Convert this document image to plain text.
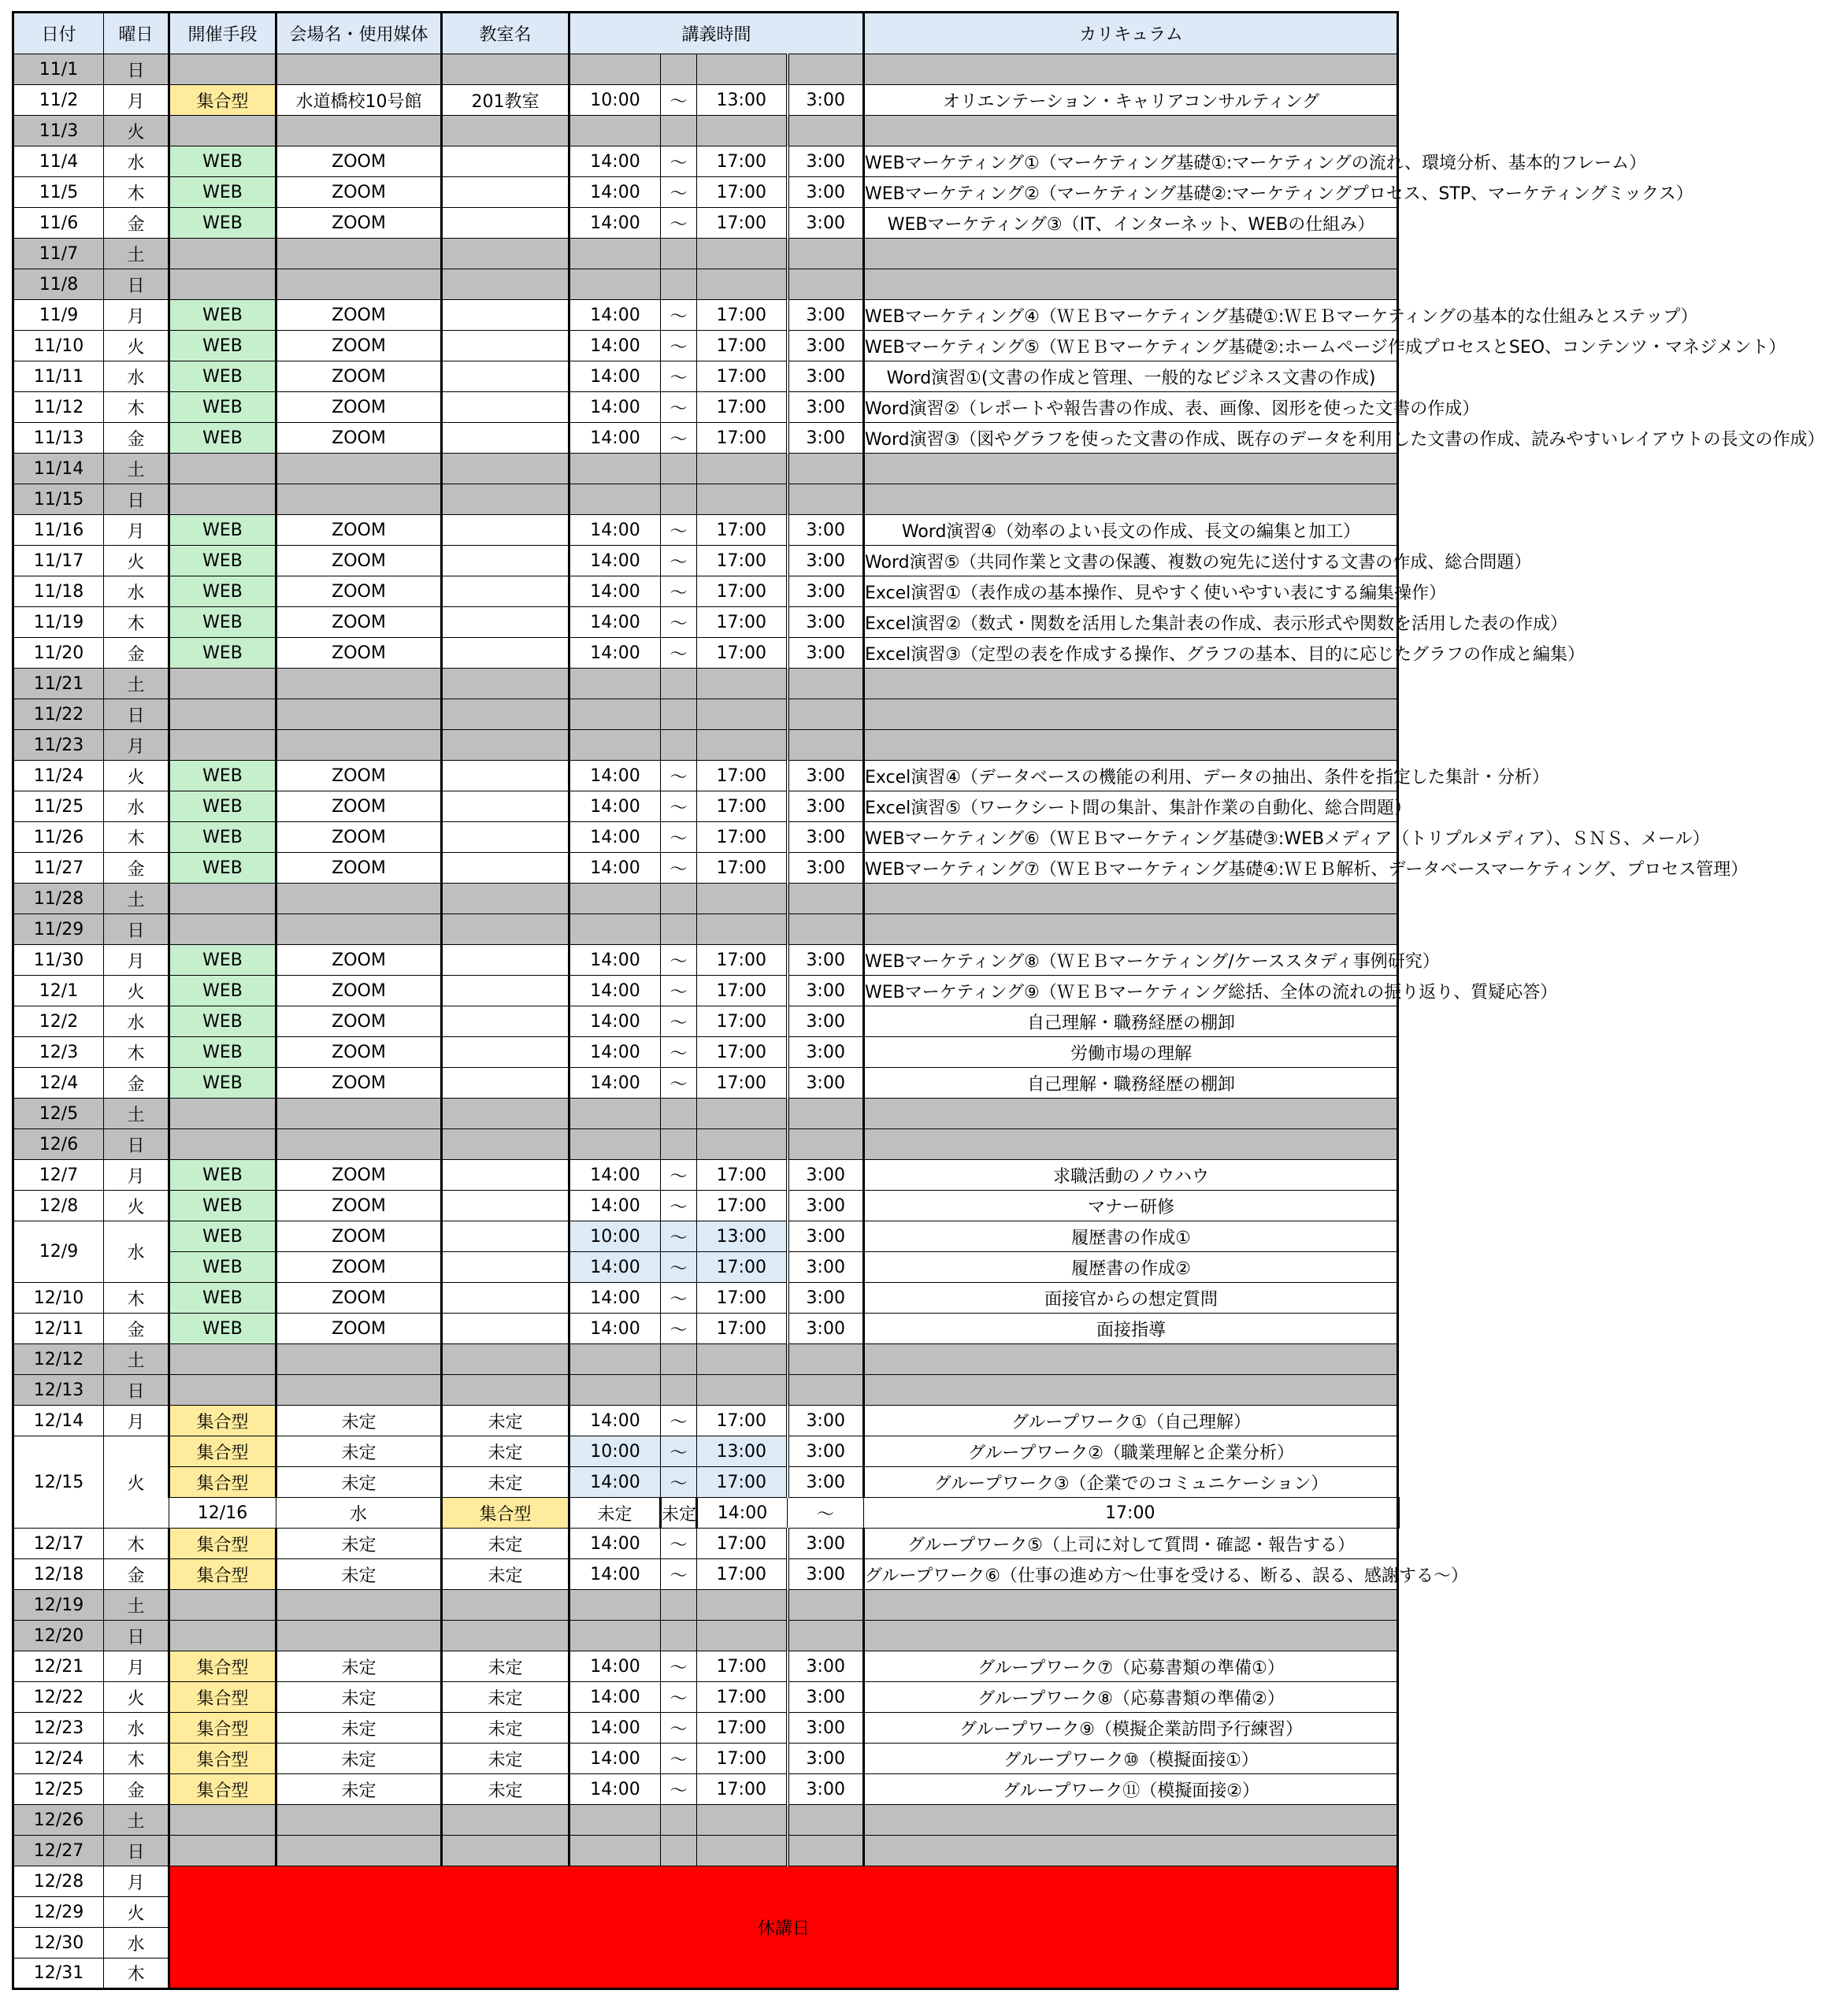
日付	曜日	開催手段	会場名・使用媒体	教室名	講義時間				カリキュラム	
11/1	日									
11/2	月	集合型	水道橋校10号館	201教室	10:00	～	13:00	3:00	オリエンテーション・キャリアコンサルティング	
11/3	火									
11/4	水	WEB	ZOOM		14:00	～	17:00	3:00	WEBマーケティング①（マーケティング基礎①:マーケティングの流れ、環境分析、基本的フレーム）	
11/5	木	WEB	ZOOM		14:00	～	17:00	3:00	WEBマーケティング②（マーケティング基礎②:マーケティングプロセス、STP、マーケティングミックス）	
11/6	金	WEB	ZOOM		14:00	～	17:00	3:00	WEBマーケティング③（IT、インターネット、WEBの仕組み）	
11/7	土									
11/8	日									
11/9	月	WEB	ZOOM		14:00	～	17:00	3:00	WEBマーケティング④（ＷＥＢマーケティング基礎①:ＷＥＢマーケティングの基本的な仕組みとステップ）	
11/10	火	WEB	ZOOM		14:00	～	17:00	3:00	WEBマーケティング⑤（ＷＥＢマーケティング基礎②:ホームページ作成プロセスとSEO、コンテンツ・マネジメント）	
11/11	水	WEB	ZOOM		14:00	～	17:00	3:00	Word演習①(文書の作成と管理、一般的なビジネス文書の作成)	
11/12	木	WEB	ZOOM		14:00	～	17:00	3:00	Word演習②（レポートや報告書の作成、表、画像、図形を使った文書の作成）	
11/13	金	WEB	ZOOM		14:00	～	17:00	3:00	Word演習③（図やグラフを使った文書の作成、既存のデータを利用した文書の作成、読みやすいレイアウトの長文の作成）	
11/14	土									
11/15	日									
11/16	月	WEB	ZOOM		14:00	～	17:00	3:00	Word演習④（効率のよい長文の作成、長文の編集と加工）	
11/17	火	WEB	ZOOM		14:00	～	17:00	3:00	Word演習⑤（共同作業と文書の保護、複数の宛先に送付する文書の作成、総合問題）	
11/18	水	WEB	ZOOM		14:00	～	17:00	3:00	Excel演習①（表作成の基本操作、見やすく使いやすい表にする編集操作）	
11/19	木	WEB	ZOOM		14:00	～	17:00	3:00	Excel演習②（数式・関数を活用した集計表の作成、表示形式や関数を活用した表の作成）	
11/20	金	WEB	ZOOM		14:00	～	17:00	3:00	Excel演習③（定型の表を作成する操作、グラフの基本、目的に応じたグラフの作成と編集）	
11/21	土									
11/22	日									
11/23	月									
11/24	火	WEB	ZOOM		14:00	～	17:00	3:00	Excel演習④（データベースの機能の利用、データの抽出、条件を指定した集計・分析）	
11/25	水	WEB	ZOOM		14:00	～	17:00	3:00	Excel演習⑤（ワークシート間の集計、集計作業の自動化、総合問題）	
11/26	木	WEB	ZOOM		14:00	～	17:00	3:00	WEBマーケティング⑥（ＷＥＢマーケティング基礎③:WEBメディア（トリプルメディア）、ＳＮＳ、メール）	
11/27	金	WEB	ZOOM		14:00	～	17:00	3:00	WEBマーケティング⑦（ＷＥＢマーケティング基礎④:ＷＥＢ解析、データベースマーケティング、プロセス管理）	
11/28	土									
11/29	日									
11/30	月	WEB	ZOOM		14:00	～	17:00	3:00	WEBマーケティング⑧（ＷＥＢマーケティング/ケーススタディ事例研究）	
12/1	火	WEB	ZOOM		14:00	～	17:00	3:00	WEBマーケティング⑨（ＷＥＢマーケティング総括、全体の流れの振り返り、質疑応答）	
12/2	水	WEB	ZOOM		14:00	～	17:00	3:00	自己理解・職務経歴の棚卸	
12/3	木	WEB	ZOOM		14:00	～	17:00	3:00	労働市場の理解	
12/4	金	WEB	ZOOM		14:00	～	17:00	3:00	自己理解・職務経歴の棚卸	
12/5	土									
12/6	日									
12/7	月	WEB	ZOOM		14:00	～	17:00	3:00	求職活動のノウハウ	
12/8	火	WEB	ZOOM		14:00	～	17:00	3:00	マナー研修	
12/9	水	WEB	ZOOM		10:00	～	13:00	3:00	履歴書の作成①	
		WEB	ZOOM		14:00	～	17:00	3:00	履歴書の作成②	
12/10	木	WEB	ZOOM		14:00	～	17:00	3:00	面接官からの想定質問	
12/11	金	WEB	ZOOM		14:00	～	17:00	3:00	面接指導	
12/12	土									
12/13	日									
12/14	月	集合型	未定	未定	14:00	～	17:00	3:00	グループワーク①（自己理解）	
12/15	火	集合型	未定	未定	10:00	～	13:00	3:00	グループワーク②（職業理解と企業分析）	
		集合型	未定	未定	14:00	～	17:00	3:00	グループワーク③（企業でのコミュニケーション）	
		12/16	水	集合型	未定	未定	14:00	～	17:00		
12/17	木	集合型	未定	未定	14:00	～	17:00	3:00	グループワーク⑤（上司に対して質問・確認・報告する）	
12/18	金	集合型	未定	未定	14:00	～	17:00	3:00	グループワーク⑥（仕事の進め方～仕事を受ける、断る、誤る、感謝する～）	
12/19	土									
12/20	日									
12/21	月	集合型	未定	未定	14:00	～	17:00	3:00	グループワーク⑦（応募書類の準備①）	
12/22	火	集合型	未定	未定	14:00	～	17:00	3:00	グループワーク⑧（応募書類の準備②）	
12/23	水	集合型	未定	未定	14:00	～	17:00	3:00	グループワーク⑨（模擬企業訪問予行練習）	
12/24	木	集合型	未定	未定	14:00	～	17:00	3:00	グループワーク⑩（模擬面接①）	
12/25	金	集合型	未定	未定	14:00	～	17:00	3:00	グループワーク⑪（模擬面接②）	
12/26	土									
12/27	日									
12/28	月	休講日								
12/29	火									
12/30	水									
12/31	木									
